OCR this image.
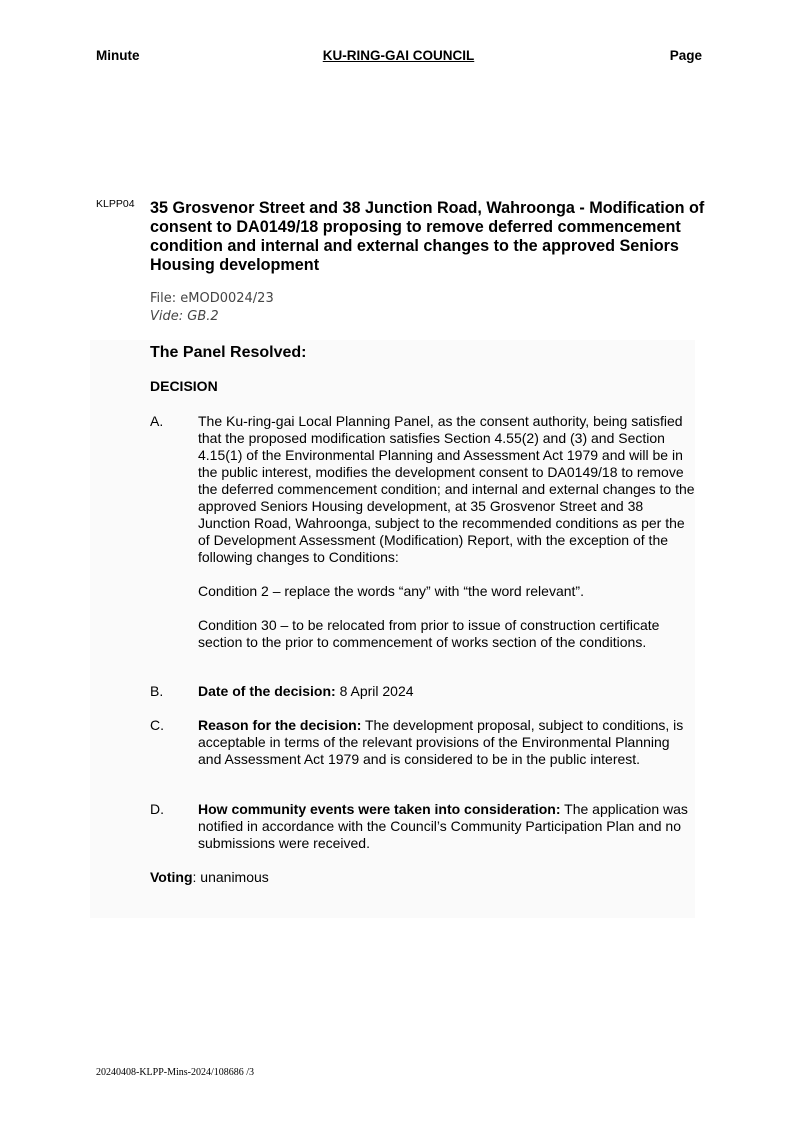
Minute	KU-RING-GAI COUNCIL	Page
KLPP04 35 Grosvenor Street and 38 Junction Road, Wahroonga - Modification of consent to DA0149/18 proposing to remove deferred commencement condition and internal and external changes to the approved Seniors Housing development
File: eMOD0024/23
Vide: GB.2
The Panel Resolved:
DECISION
A. The Ku-ring-gai Local Planning Panel, as the consent authority, being satisfied that the proposed modification satisfies Section 4.55(2) and (3) and Section 4.15(1) of the Environmental Planning and Assessment Act 1979 and will be in the public interest, modifies the development consent to DA0149/18 to remove the deferred commencement condition; and internal and external changes to the approved Seniors Housing development, at 35 Grosvenor Street and 38 Junction Road, Wahroonga, subject to the recommended conditions as per the of Development Assessment (Modification) Report, with the exception of the following changes to Conditions:

Condition 2 – replace the words “any” with “the word relevant”.

Condition 30 – to be relocated from prior to issue of construction certificate section to the prior to commencement of works section of the conditions.

B. Date of the decision: 8 April 2024
C. Reason for the decision: The development proposal, subject to conditions, is acceptable in terms of the relevant provisions of the Environmental Planning and Assessment Act 1979 and is considered to be in the public interest.
D. How community events were taken into consideration: The application was notified in accordance with the Council’s Community Participation Plan and no submissions were received.
Voting: unanimous
20240408-KLPP-Mins-2024/108686 /3
